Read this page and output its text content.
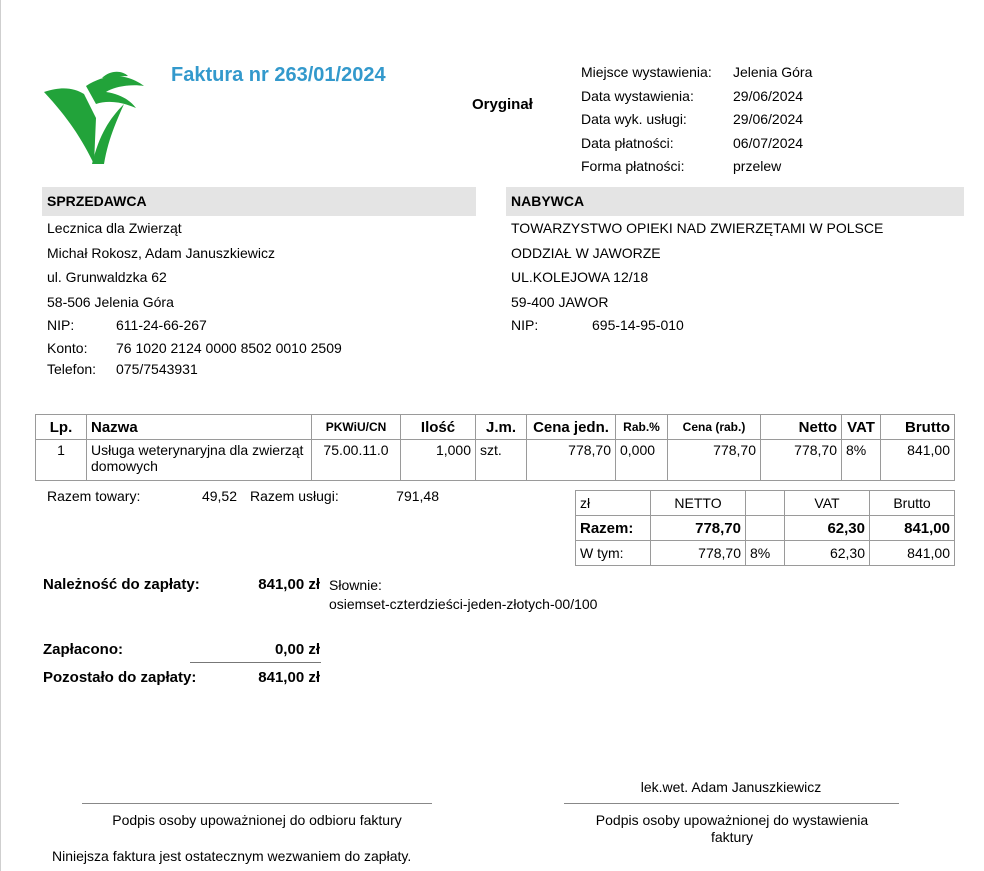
Faktura nr 263/01/2024
Oryginał
Miejsce wystawienia:	Jelenia Góra
Data wystawienia:	29/06/2024
Data wyk. usługi:	29/06/2024
Data płatności:	06/07/2024
Forma płatności:	przelew
SPRZEDAWCA	NABYWCA
Lecznica dla Zwierząt
Michał Rokosz, Adam Januszkiewicz
ul. Grunwaldzka 62
58-506 Jelenia Góra
NIP:	611-24-66-267
Konto: 76 1020 2124 0000 8502 0010 2509
Telefon: 075/7543931
TOWARZYSTWO OPIEKI NAD ZWIERZĘTAMI W POLSCE
ODDZIAŁ W JAWORZE
UL.KOLEJOWA 12/18
59-400 JAWOR
NIP:	695-14-95-010
Lp.	Nazwa	PKWiU/CN	Ilość	J.m.	Cena jedn.	Rab.%	Cena (rab.)	Netto	VAT	Brutto
1	Usługa weterynaryjna dla zwierząt domowych	75.00.11.0	1,000	szt.	778,70	0,000	778,70	778,70	8%	841,00
Razem towary:	49,52 Razem usługi:	791,48	zł	NETTO		VAT	Brutto
Razem:	778,70		62,30	841,00
W tym:	778,70	8%	62,30	841,00
Należność do zapłaty:	841,00 zł Słownie:
osiemset-czterdzieści-jeden-złotych-00/100
Zapłacono:	0,00 zł
Pozostało do zapłaty:	841,00 zł
lek.wet. Adam Januszkiewicz
Podpis osoby upoważnionej do odbioru faktury	Podpis osoby upoważnionej do wystawienia faktury
Niniejsza faktura jest ostatecznym wezwaniem do zapłaty.
